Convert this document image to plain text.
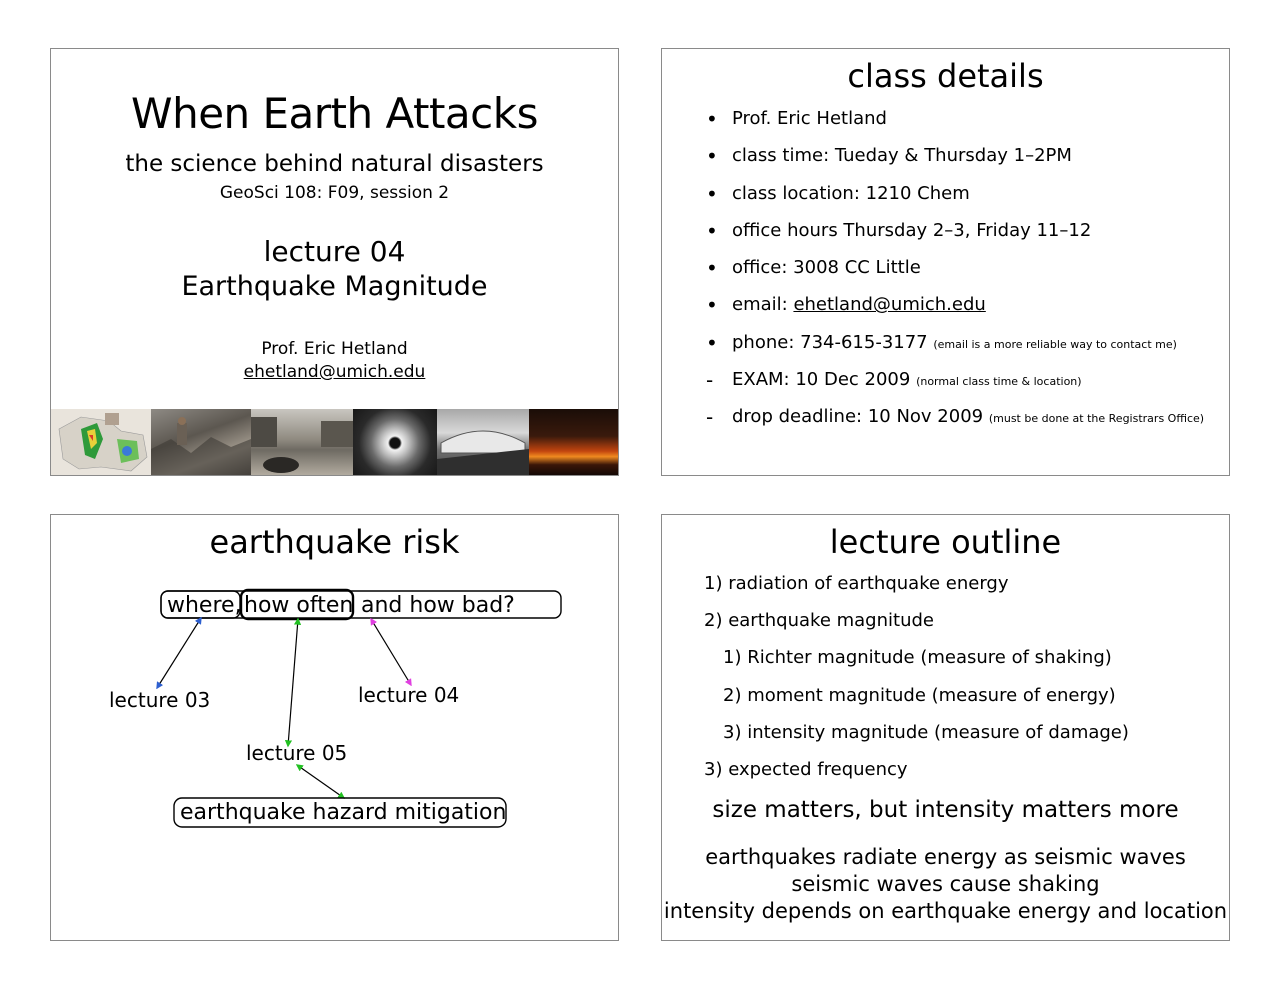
When Earth Attacks
the science behind natural disasters
GeoSci 108: F09, session 2
lecture 04
Earthquake Magnitude
Prof. Eric Hetland
ehetland@umich.edu
class details
• Prof. Eric Hetland
• class time: Tueday & Thursday 1–2PM
• class location: 1210 Chem
• office hours Thursday 2–3, Friday 11–12
• office: 3008 CC Little
• email: ehetland@umich.edu
• phone: 734-615-3177 (email is a more reliable way to contact me)
- EXAM: 10 Dec 2009 (normal class time & location)
- drop deadline: 10 Nov 2009 (must be done at the Registrars Office)
earthquake risk
where, how often and how bad?
lecture 03	lecture 04
lecture 05
earthquake hazard mitigation
lecture outline
1) radiation of earthquake energy
2) earthquake magnitude
1) Richter magnitude (measure of shaking)
2) moment magnitude (measure of energy)
3) intensity magnitude (measure of damage)
3) expected frequency
size matters, but intensity matters more
earthquakes radiate energy as seismic waves
seismic waves cause shaking
intensity depends on earthquake energy and location
